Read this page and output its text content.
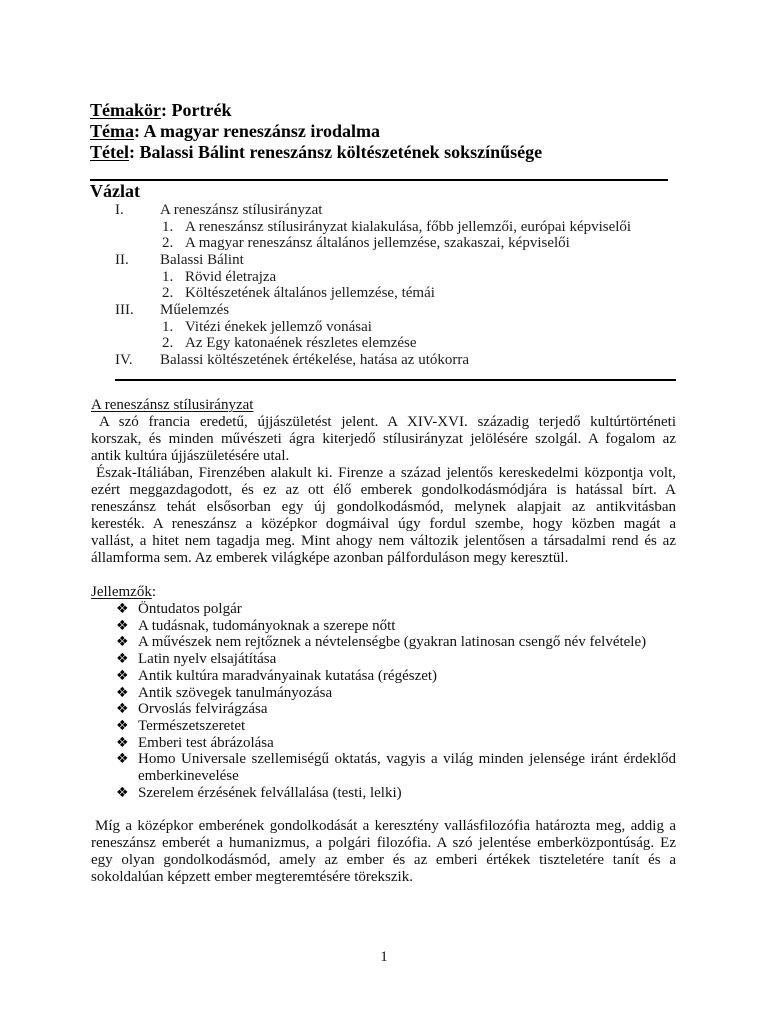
Témakör: Portrék
Téma: A magyar reneszánsz irodalma
Tétel: Balassi Bálint reneszánsz költészetének sokszínűsége
Vázlat
I. A reneszánsz stílusirányzat
1. A reneszánsz stílusirányzat kialakulása, főbb jellemzői, európai képviselői
2. A magyar reneszánsz általános jellemzése, szakaszai, képviselői
II. Balassi Bálint
1. Rövid életrajza
2. Költészetének általános jellemzése, témái
III. Műelemzés
1. Vitézi énekek jellemző vonásai
2. Az Egy katonaének részletes elemzése
IV. Balassi költészetének értékelése, hatása az utókorra
A reneszánsz stílusirányzat
A szó francia eredetű, újjászületést jelent. A XIV-XVI. századig terjedő kultúrtörténeti
korszak, és minden művészeti ágra kiterjedő stílusirányzat jelölésére szolgál. A fogalom az
antik kultúra újjászületésére utal.
Észak-Itáliában, Firenzében alakult ki. Firenze a század jelentős kereskedelmi központja volt,
ezért meggazdagodott, és ez az ott élő emberek gondolkodásmódjára is hatással bírt. A
reneszánsz tehát elsősorban egy új gondolkodásmód, melynek alapjait az antikvitásban
keresték. A reneszánsz a középkor dogmáival úgy fordul szembe, hogy közben magát a
vallást, a hitet nem tagadja meg. Mint ahogy nem változik jelentősen a társadalmi rend és az
államforma sem. Az emberek világképe azonban pálforduláson megy keresztül.
Jellemzők:
❖ Öntudatos polgár
❖ A tudásnak, tudományoknak a szerepe nőtt
❖ A művészek nem rejtőznek a névtelenségbe (gyakran latinosan csengő név felvétele)
❖ Latin nyelv elsajátítása
❖ Antik kultúra maradványainak kutatása (régészet)
❖ Antik szövegek tanulmányozása
❖ Orvoslás felvirágzása
❖ Természetszeretet
❖ Emberi test ábrázolása
❖ Homo Universale szellemiségű oktatás, vagyis a világ minden jelensége iránt érdeklőd emberkinevelése
❖ Szerelem érzésének felvállalása (testi, lelki)
Míg a középkor emberének gondolkodását a keresztény vallásfilozófia határozta meg, addig a
reneszánsz emberét a humanizmus, a polgári filozófia. A szó jelentése emberközpontúság. Ez
egy olyan gondolkodásmód, amely az ember és az emberi értékek tiszteletére tanít és a
sokoldalúan képzett ember megteremtésére törekszik.
1
